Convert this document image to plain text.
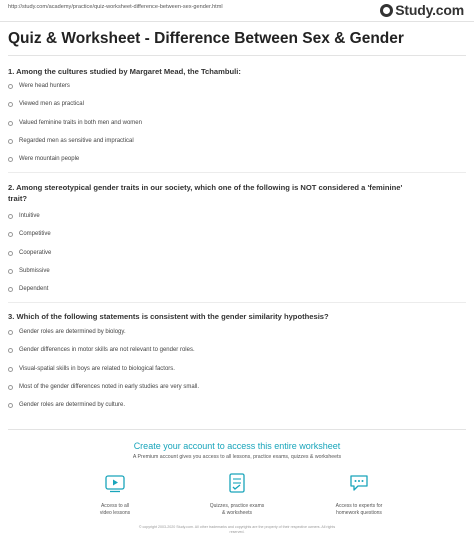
http://study.com/academy/practice/quiz-worksheet-difference-between-sex-gender.html	Study.com
Quiz & Worksheet - Difference Between Sex & Gender
1. Among the cultures studied by Margaret Mead, the Tchambuli:
Were head hunters
Viewed men as practical
Valued feminine traits in both men and women
Regarded men as sensitive and impractical
Were mountain people
2. Among stereotypical gender traits in our society, which one of the following is NOT considered a 'feminine'
trait?
Intuitive
Competitive
Cooperative
Submissive
Dependent
3. Which of the following statements is consistent with the gender similarity hypothesis?
Gender roles are determined by biology.
Gender differences in motor skills are not relevant to gender roles.
Visual-spatial skills in boys are related to biological factors.
Most of the gender differences noted in early studies are very small.
Gender roles are determined by culture.
Create your account to access this entire worksheet
A Premium account gives you access to all lessons, practice exams, quizzes & worksheets
Access to all
video lessons
Quizzes, practice exams
& worksheets
Access to experts for
homework questions
© copyright 2003-2020 Study.com. All other trademarks and copyrights are the property of their respective owners. All rights
reserved.
